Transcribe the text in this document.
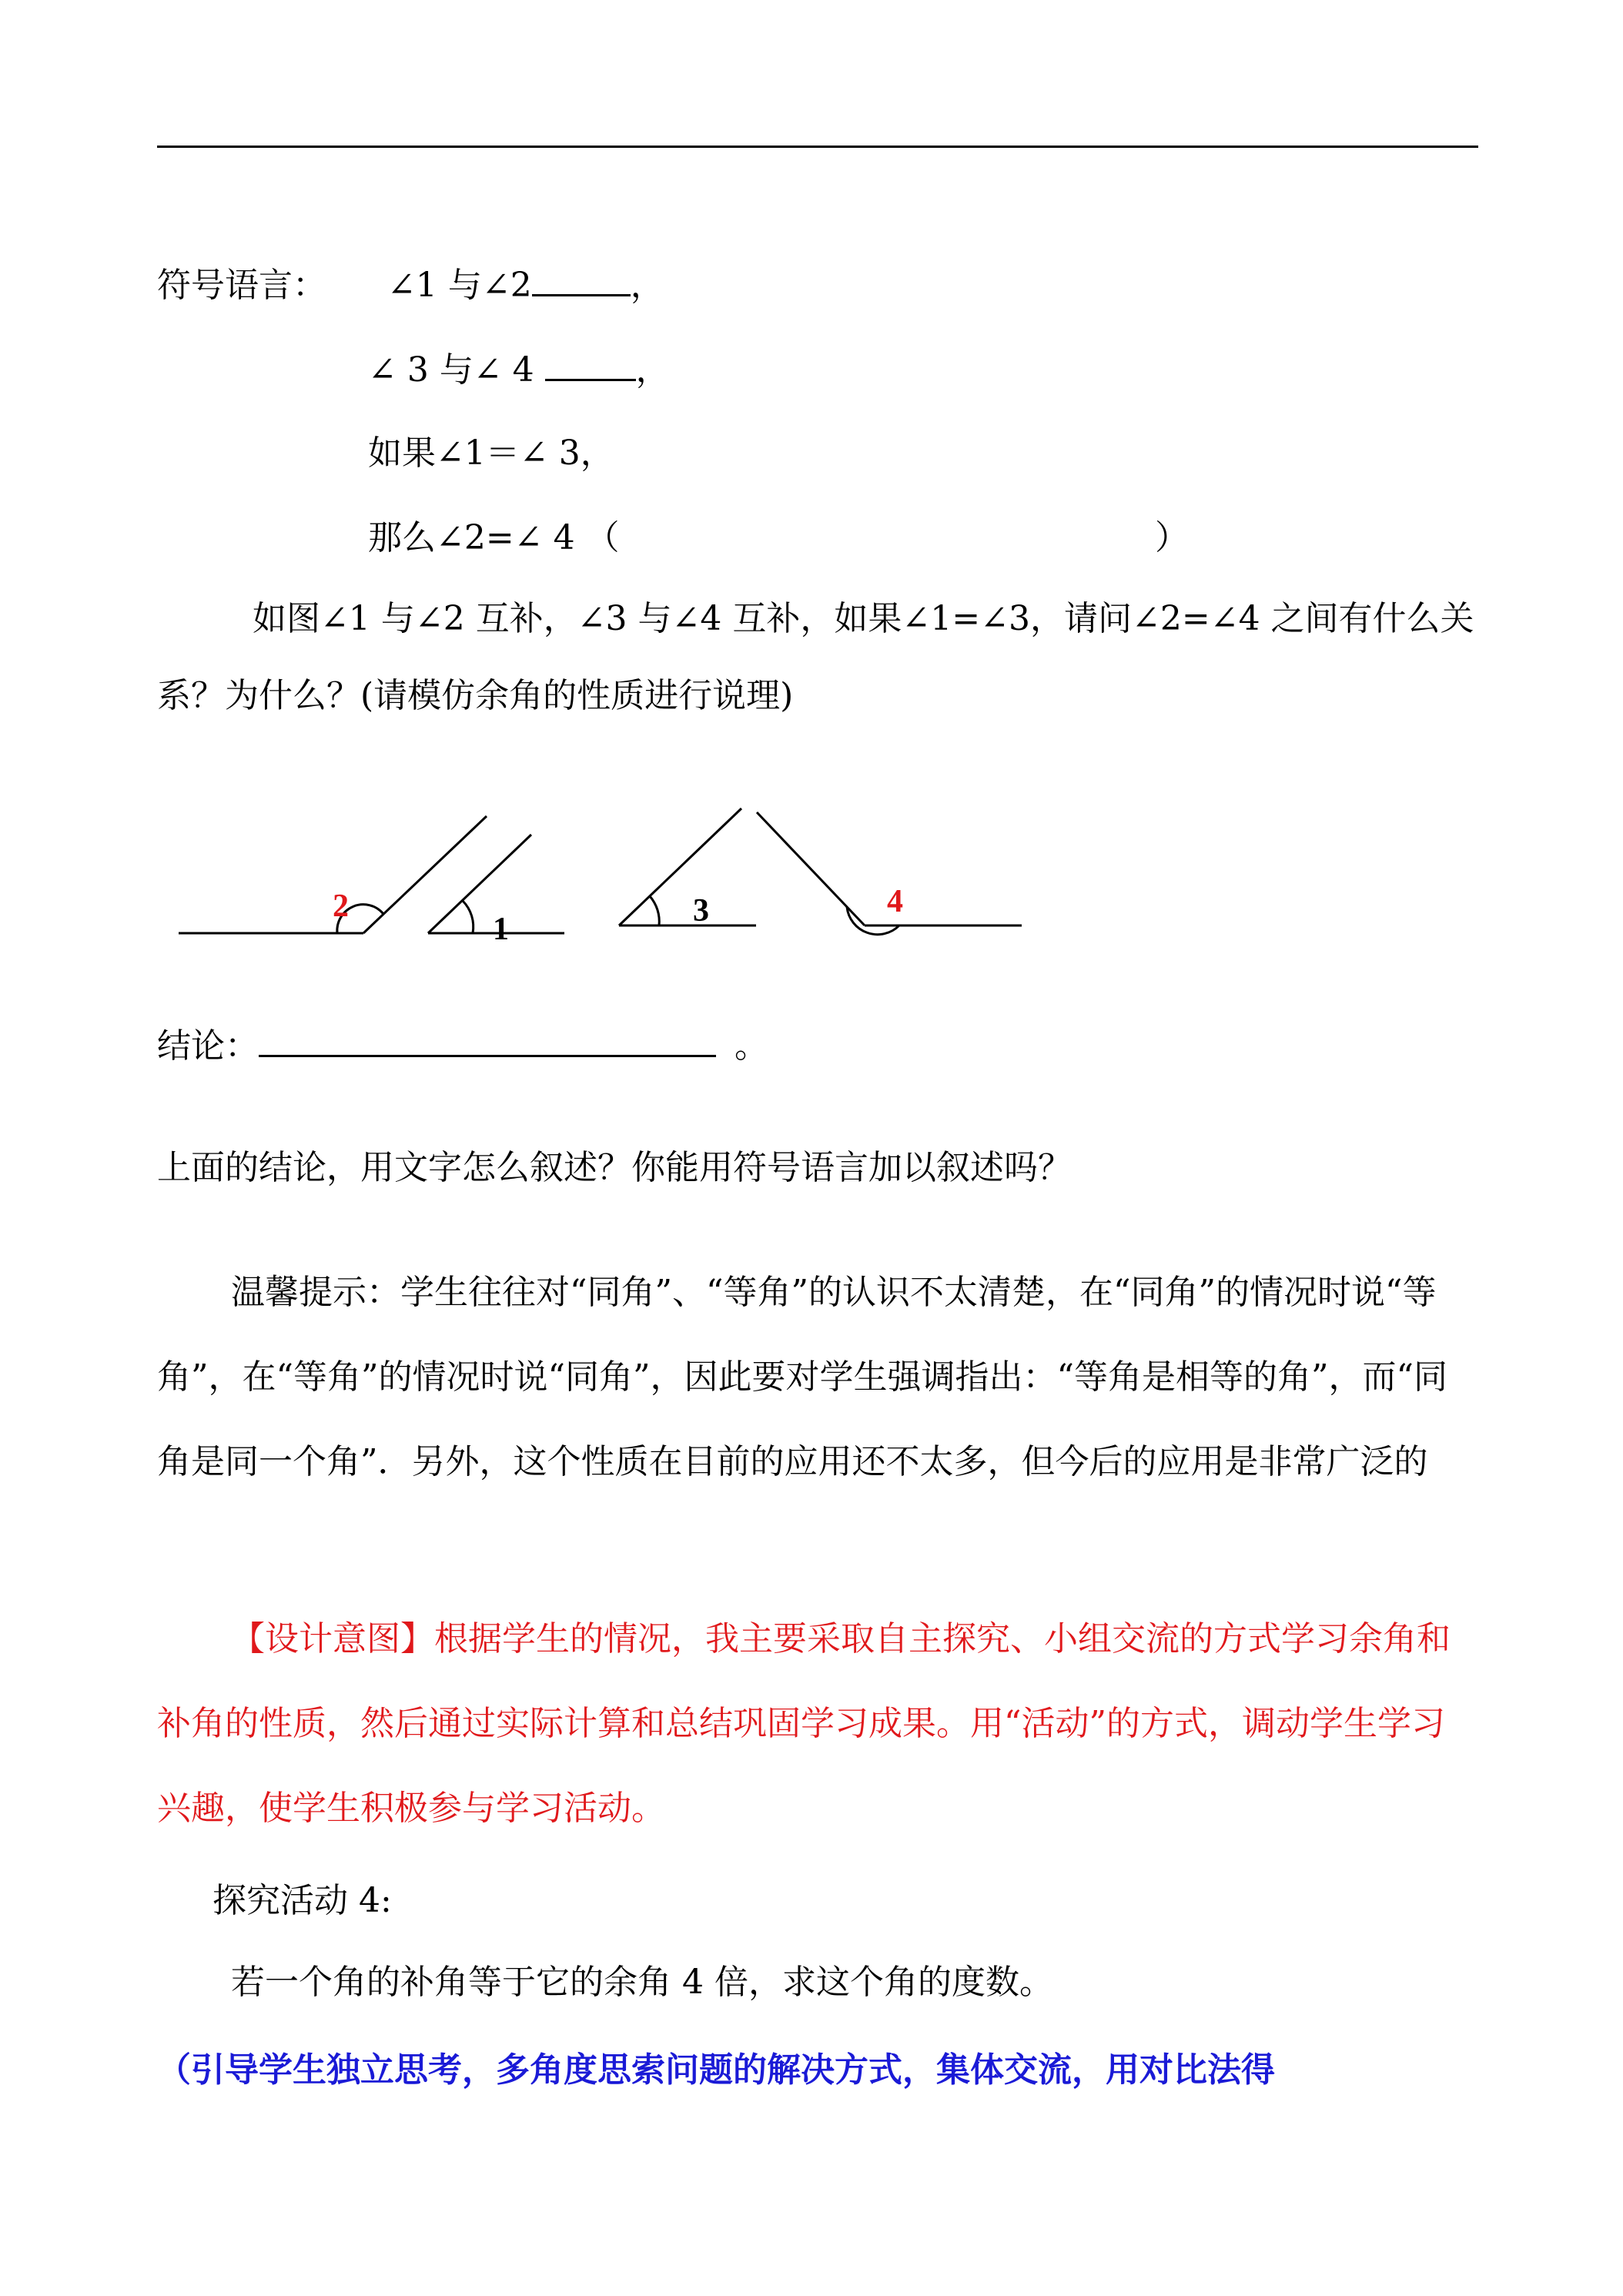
符号语言： ∠1 与∠2	，
∠ 3 与∠ 4	，
如果∠1＝∠ 3，
那么∠2=∠ 4 （	）
如图∠1 与∠2 互补，∠3 与∠4 互补，如果∠1=∠3，请问∠2=∠4 之间有什么关系？为什么？(请模仿余角的性质进行说理)
2
1
3	4
结论：	。
上面的结论，用文字怎么叙述？你能用符号语言加以叙述吗？
温馨提示：学生往往对“同角”、“等角”的认识不太清楚，在“同角”的情况时说“等角”，在“等角”的情况时说“同角”，因此要对学生强调指出：“等角是相等的角”，而“同角是同一个角”．另外，这个性质在目前的应用还不太多，但今后的应用是非常广泛的
【设计意图】根据学生的情况，我主要采取自主探究、小组交流的方式学习余角和补角的性质，然后通过实际计算和总结巩固学习成果。用“活动”的方式，调动学生学习兴趣，使学生积极参与学习活动。
探究活动 4:
若一个角的补角等于它的余角 4 倍，求这个角的度数。
（引导学生独立思考，多角度思索问题的解决方式，集体交流，用对比法得
